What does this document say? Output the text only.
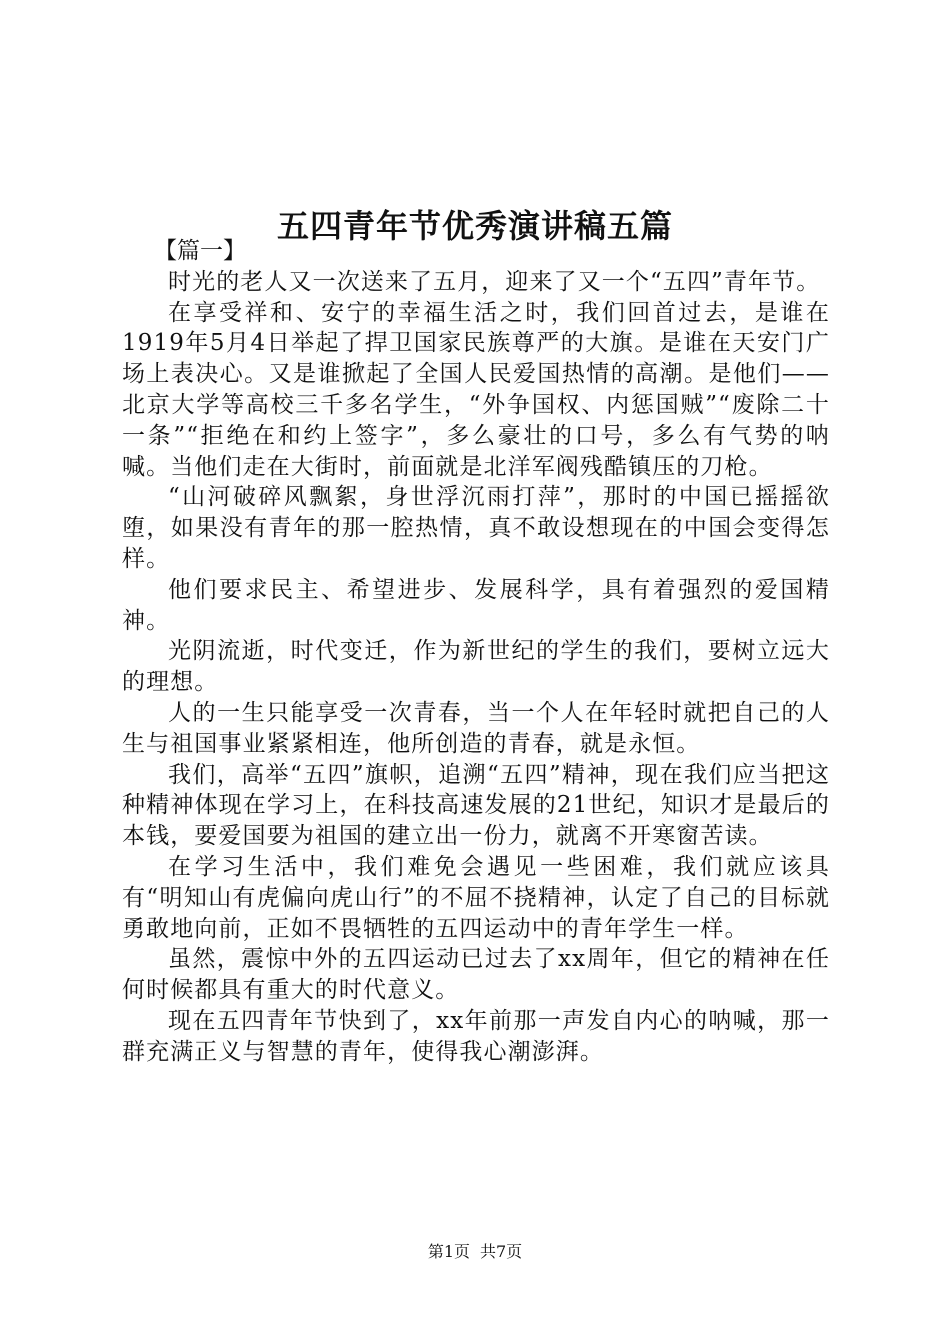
五四青年节优秀演讲稿五篇

【篇一】

时光的老人又一次送来了五月，迎来了又一个“五四”青年节。

在享受祥和、安宁的幸福生活之时，我们回首过去，是谁在1919年5月4日举起了捍卫国家民族尊严的大旗。是谁在天安门广场上表决心。又是谁掀起了全国人民爱国热情的高潮。是他们——北京大学等高校三千多名学生，“外争国权、内惩国贼”“废除二十一条”“拒绝在和约上签字”，多么豪壮的口号，多么有气势的呐喊。当他们走在大街时，前面就是北洋军阀残酷镇压的刀枪。

“山河破碎风飘絮，身世浮沉雨打萍”，那时的中国已摇摇欲堕，如果没有青年的那一腔热情，真不敢设想现在的中国会变得怎样。

他们要求民主、希望进步、发展科学，具有着强烈的爱国精神。

光阴流逝，时代变迁，作为新世纪的学生的我们，要树立远大的理想。

人的一生只能享受一次青春，当一个人在年轻时就把自己的人生与祖国事业紧紧相连，他所创造的青春，就是永恒。

我们，高举“五四”旗帜，追溯“五四”精神，现在我们应当把这种精神体现在学习上，在科技高速发展的21世纪，知识才是最后的本钱，要爱国要为祖国的建立出一份力，就离不开寒窗苦读。

在学习生活中，我们难免会遇见一些困难，我们就应该具有“明知山有虎偏向虎山行”的不屈不挠精神，认定了自己的目标就勇敢地向前，正如不畏牺牲的五四运动中的青年学生一样。

虽然，震惊中外的五四运动已过去了xx周年，但它的精神在任何时候都具有重大的时代意义。

现在五四青年节快到了，xx年前那一声发自内心的呐喊，那一群充满正义与智慧的青年，使得我心潮澎湃。

第1页 共7页
